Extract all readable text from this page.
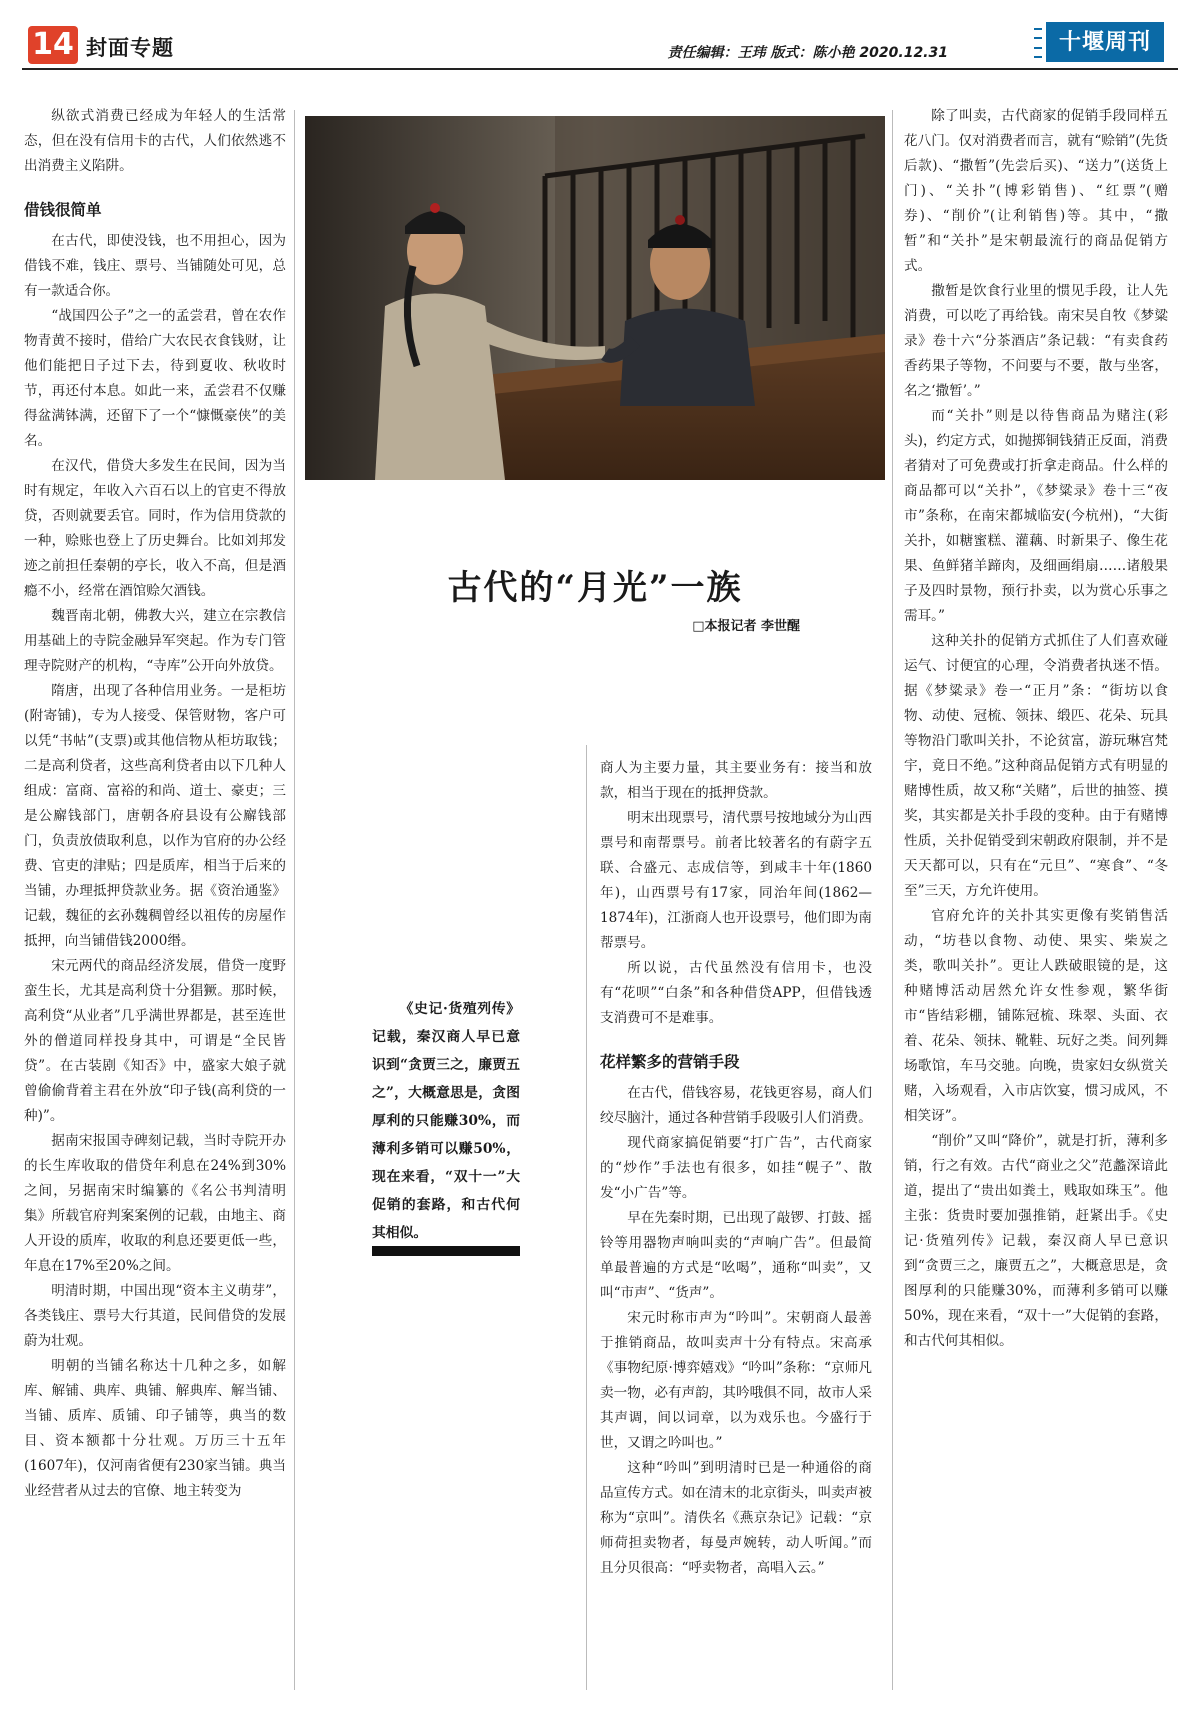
14 封面专题	责任编辑：王玮 版式：陈小艳 2020.12.31	十堰周刊

纵欲式消费已经成为年轻人的生活常态，但在没有信用卡的古代，人们依然逃不出消费主义陷阱。

借钱很简单

在古代，即使没钱，也不用担心，因为借钱不难，钱庄、票号、当铺随处可见，总有一款适合你。

“战国四公子”之一的孟尝君，曾在农作物青黄不接时，借给广大农民衣食钱财，让他们能把日子过下去，待到夏收、秋收时节，再还付本息。如此一来，孟尝君不仅赚得盆满钵满，还留下了一个“慷慨豪侠”的美名。

在汉代，借贷大多发生在民间，因为当时有规定，年收入六百石以上的官吏不得放贷，否则就要丢官。同时，作为信用贷款的一种，赊账也登上了历史舞台。比如刘邦发迹之前担任秦朝的亭长，收入不高，但是酒瘾不小，经常在酒馆赊欠酒钱。

魏晋南北朝，佛教大兴，建立在宗教信用基础上的寺院金融异军突起。作为专门管理寺院财产的机构，“寺库”公开向外放贷。

隋唐，出现了各种信用业务。一是柜坊(附寄铺)，专为人接受、保管财物，客户可以凭“书帖”(支票)或其他信物从柜坊取钱；二是高利贷者，这些高利贷者由以下几种人组成：富商、富裕的和尚、道士、豪吏；三是公廨钱部门，唐朝各府县设有公廨钱部门，负责放债取利息，以作为官府的办公经费、官吏的津贴；四是质库，相当于后来的当铺，办理抵押贷款业务。据《资治通鉴》记载，魏征的玄孙魏稠曾经以祖传的房屋作抵押，向当铺借钱2000缗。

宋元两代的商品经济发展，借贷一度野蛮生长，尤其是高利贷十分猖獗。那时候，高利贷“从业者”几乎满世界都是，甚至连世外的僧道同样投身其中，可谓是“全民皆贷”。在古装剧《知否》中，盛家大娘子就曾偷偷背着主君在外放“印子钱(高利贷的一种)”。

据南宋报国寺碑刻记载，当时寺院开办的长生库收取的借贷年利息在24%到30%之间，另据南宋时编纂的《名公书判清明集》所载官府判案案例的记载，由地主、商人开设的质库，收取的利息还要更低一些，年息在17%至20%之间。

明清时期，中国出现“资本主义萌芽”，各类钱庄、票号大行其道，民间借贷的发展蔚为壮观。

明朝的当铺名称达十几种之多，如解库、解铺、典库、典铺、解典库、解当铺、当铺、质库、质铺、印子铺等，典当的数目、资本额都十分壮观。万历三十五年(1607年)，仅河南省便有230家当铺。典当业经营者从过去的官僚、地主转变为

古代的“月光”一族
□本报记者 李世醒

《史记·货殖列传》记载，秦汉商人早已意识到“贪贾三之，廉贾五之”，大概意思是，贪图厚利的只能赚30%，而薄利多销可以赚50%，现在来看，“双十一”大促销的套路，和古代何其相似。

商人为主要力量，其主要业务有：接当和放款，相当于现在的抵押贷款。

明末出现票号，清代票号按地域分为山西票号和南帮票号。前者比较著名的有蔚字五联、合盛元、志成信等，到咸丰十年(1860年)，山西票号有17家，同治年间(1862—1874年)，江浙商人也开设票号，他们即为南帮票号。

所以说，古代虽然没有信用卡，也没有“花呗”“白条”和各种借贷APP，但借钱透支消费可不是难事。

花样繁多的营销手段

在古代，借钱容易，花钱更容易，商人们绞尽脑汁，通过各种营销手段吸引人们消费。

现代商家搞促销要“打广告”，古代商家的“炒作”手法也有很多，如挂“幌子”、散发“小广告”等。

早在先秦时期，已出现了敲锣、打鼓、摇铃等用器物声响叫卖的“声响广告”。但最简单最普遍的方式是“吆喝”，通称“叫卖”，又叫“市声”、“货声”。

宋元时称市声为“吟叫”。宋朝商人最善于推销商品，故叫卖声十分有特点。宋高承《事物纪原·博弈嬉戏》“吟叫”条称：“京师凡卖一物，必有声韵，其吟哦俱不同，故市人采其声调，间以词章，以为戏乐也。今盛行于世，又谓之吟叫也。”

这种“吟叫”到明清时已是一种通俗的商品宣传方式。如在清末的北京街头，叫卖声被称为“京叫”。清佚名《燕京杂记》记载：“京师荷担卖物者，每曼声婉转，动人听闻。”而且分贝很高：“呼卖物者，高唱入云。”

除了叫卖，古代商家的促销手段同样五花八门。仅对消费者而言，就有“赊销”(先货后款)、“撒暂”(先尝后买)、“送力”(送货上门)、“关扑”(博彩销售)、“红票”(赠券)、“削价”(让利销售)等。其中，“撒暂”和“关扑”是宋朝最流行的商品促销方式。

撒暂是饮食行业里的惯见手段，让人先消费，可以吃了再给钱。南宋吴自牧《梦粱录》卷十六“分茶酒店”条记载：“有卖食药香药果子等物，不问要与不要，散与坐客，名之‘撒暂’。”

而“关扑”则是以待售商品为赌注(彩头)，约定方式，如抛掷铜钱猜正反面，消费者猜对了可免费或打折拿走商品。什么样的商品都可以“关扑”，《梦粱录》卷十三“夜市”条称，在南宋都城临安(今杭州)，“大街关扑，如糖蜜糕、灌藕、时新果子、像生花果、鱼鲜猪羊蹄肉，及细画绢扇……诸般果子及四时景物，预行扑卖，以为赏心乐事之需耳。”

这种关扑的促销方式抓住了人们喜欢碰运气、讨便宜的心理，令消费者执迷不悟。据《梦粱录》卷一“正月”条：“街坊以食物、动使、冠梳、领抹、缎匹、花朵、玩具等物沿门歌叫关扑，不论贫富，游玩琳宫梵宇，竟日不绝。”这种商品促销方式有明显的赌博性质，故又称“关赌”，后世的抽签、摸奖，其实都是关扑手段的变种。由于有赌博性质，关扑促销受到宋朝政府限制，并不是天天都可以，只有在“元旦”、“寒食”、“冬至”三天，方允许使用。

官府允许的关扑其实更像有奖销售活动，“坊巷以食物、动使、果实、柴炭之类，歌叫关扑”。更让人跌破眼镜的是，这种赌博活动居然允许女性参观，繁华街市“皆结彩棚，铺陈冠梳、珠翠、头面、衣着、花朵、领抹、靴鞋、玩好之类。间列舞场歌馆，车马交驰。向晚，贵家妇女纵赏关赌，入场观看，入市店饮宴，惯习成风，不相笑讶”。

“削价”又叫“降价”，就是打折，薄利多销，行之有效。古代“商业之父”范蠡深谙此道，提出了“贵出如粪土，贱取如珠玉”。他主张：货贵时要加强推销，赶紧出手。《史记·货殖列传》记载，秦汉商人早已意识到“贪贾三之，廉贾五之”，大概意思是，贪图厚利的只能赚30%，而薄利多销可以赚50%，现在来看，“双十一”大促销的套路，和古代何其相似。
